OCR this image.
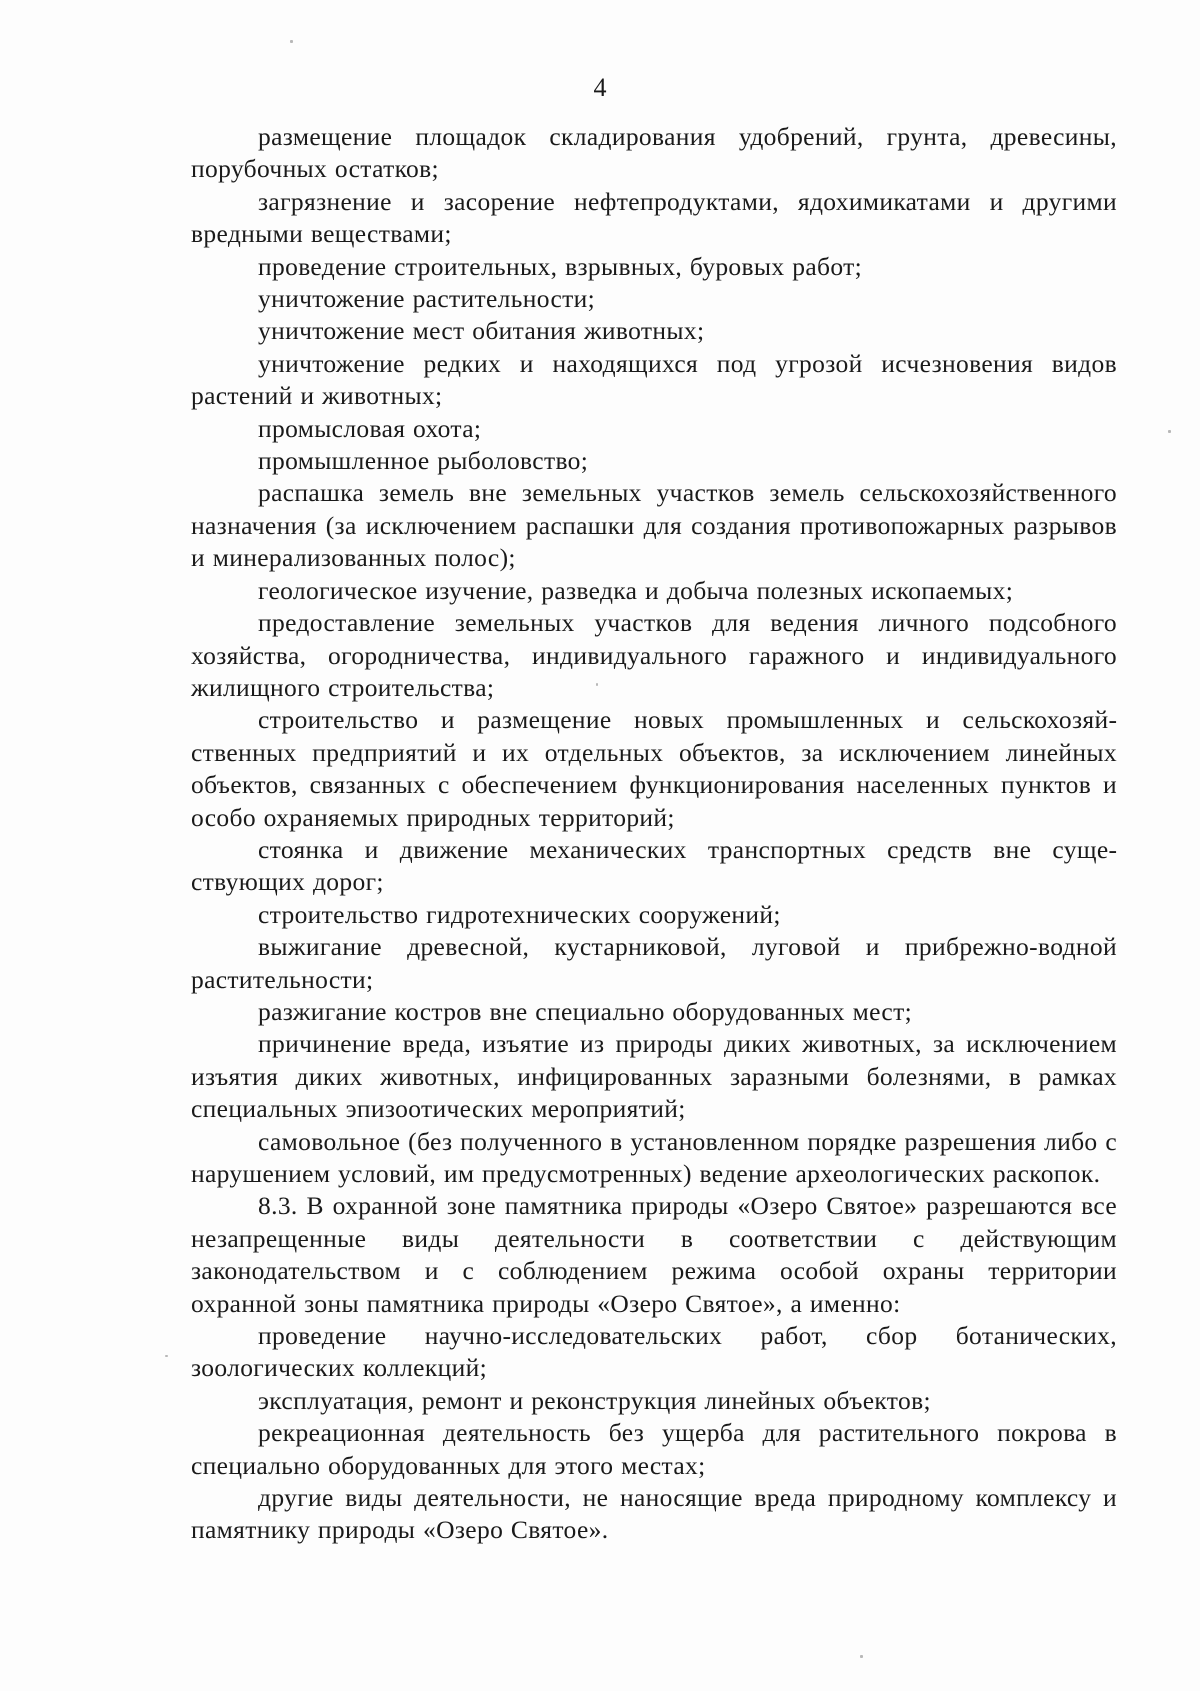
4

размещение площадок складирования удобрений, грунта, древесины, порубочных остатков;

загрязнение и засорение нефтепродуктами, ядохимикатами и другими вредными веществами;

проведение строительных, взрывных, буровых работ;

уничтожение растительности;

уничтожение мест обитания животных;

уничтожение редких и находящихся под угрозой исчезновения видов растений и животных;

промысловая охота;

промышленное рыболовство;

распашка земель вне земельных участков земель сельскохозяйственного назначения (за исключением распашки для создания противопожарных разрывов и минерализованных полос);

геологическое изучение, разведка и добыча полезных ископаемых;

предоставление земельных участков для ведения личного подсобного хозяйства, огородничества, индивидуального гаражного и индивидуального жилищного строительства;

строительство и размещение новых промышленных и сельскохозяйственных предприятий и их отдельных объектов, за исключением линейных объектов, связанных с обеспечением функционирования населенных пунктов и особо охраняемых природных территорий;

стоянка и движение механических транспортных средств вне существующих дорог;

строительство гидротехнических сооружений;

выжигание древесной, кустарниковой, луговой и прибрежно-водной растительности;

разжигание костров вне специально оборудованных мест;

причинение вреда, изъятие из природы диких животных, за исключением изъятия диких животных, инфицированных заразными болезнями, в рамках специальных эпизоотических мероприятий;

самовольное (без полученного в установленном порядке разрешения либо с нарушением условий, им предусмотренных) ведение археологических раскопок.

8.3. В охранной зоне памятника природы «Озеро Святое» разрешаются все незапрещенные виды деятельности в соответствии с действующим законодательством и с соблюдением режима особой охраны территории охранной зоны памятника природы «Озеро Святое», а именно:

проведение научно-исследовательских работ, сбор ботанических, зоологических коллекций;

эксплуатация, ремонт и реконструкция линейных объектов;

рекреационная деятельность без ущерба для растительного покрова в специально оборудованных для этого местах;

другие виды деятельности, не наносящие вреда природному комплексу и памятнику природы «Озеро Святое».
